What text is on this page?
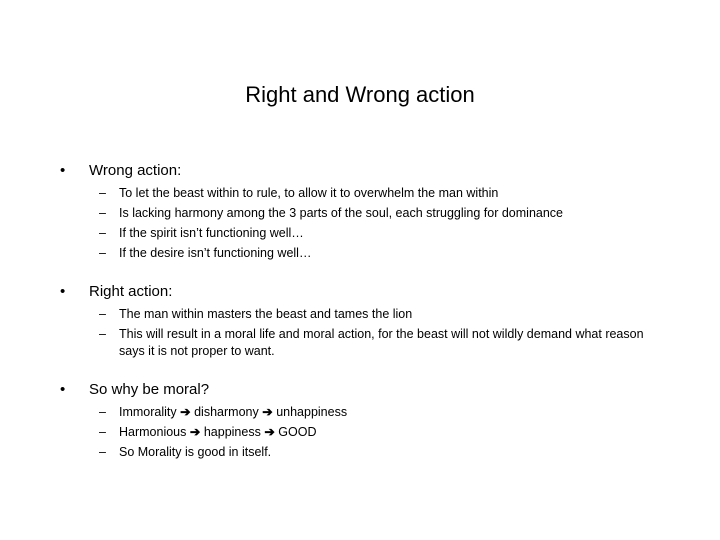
Right and Wrong action
• Wrong action:
– To let the beast within to rule, to allow it to overwhelm the man within
– Is lacking harmony among the 3 parts of the soul, each struggling for dominance
– If the spirit isn’t functioning well…
– If the desire isn’t functioning well…
• Right action:
– The man within masters the beast and tames the lion
– This will result in a moral life and moral action, for the beast will not wildly demand what reason says it is not proper to want.
• So why be moral?
– Immorality ➔ disharmony ➔ unhappiness
– Harmonious ➔ happiness ➔ GOOD
– So Morality is good in itself.
